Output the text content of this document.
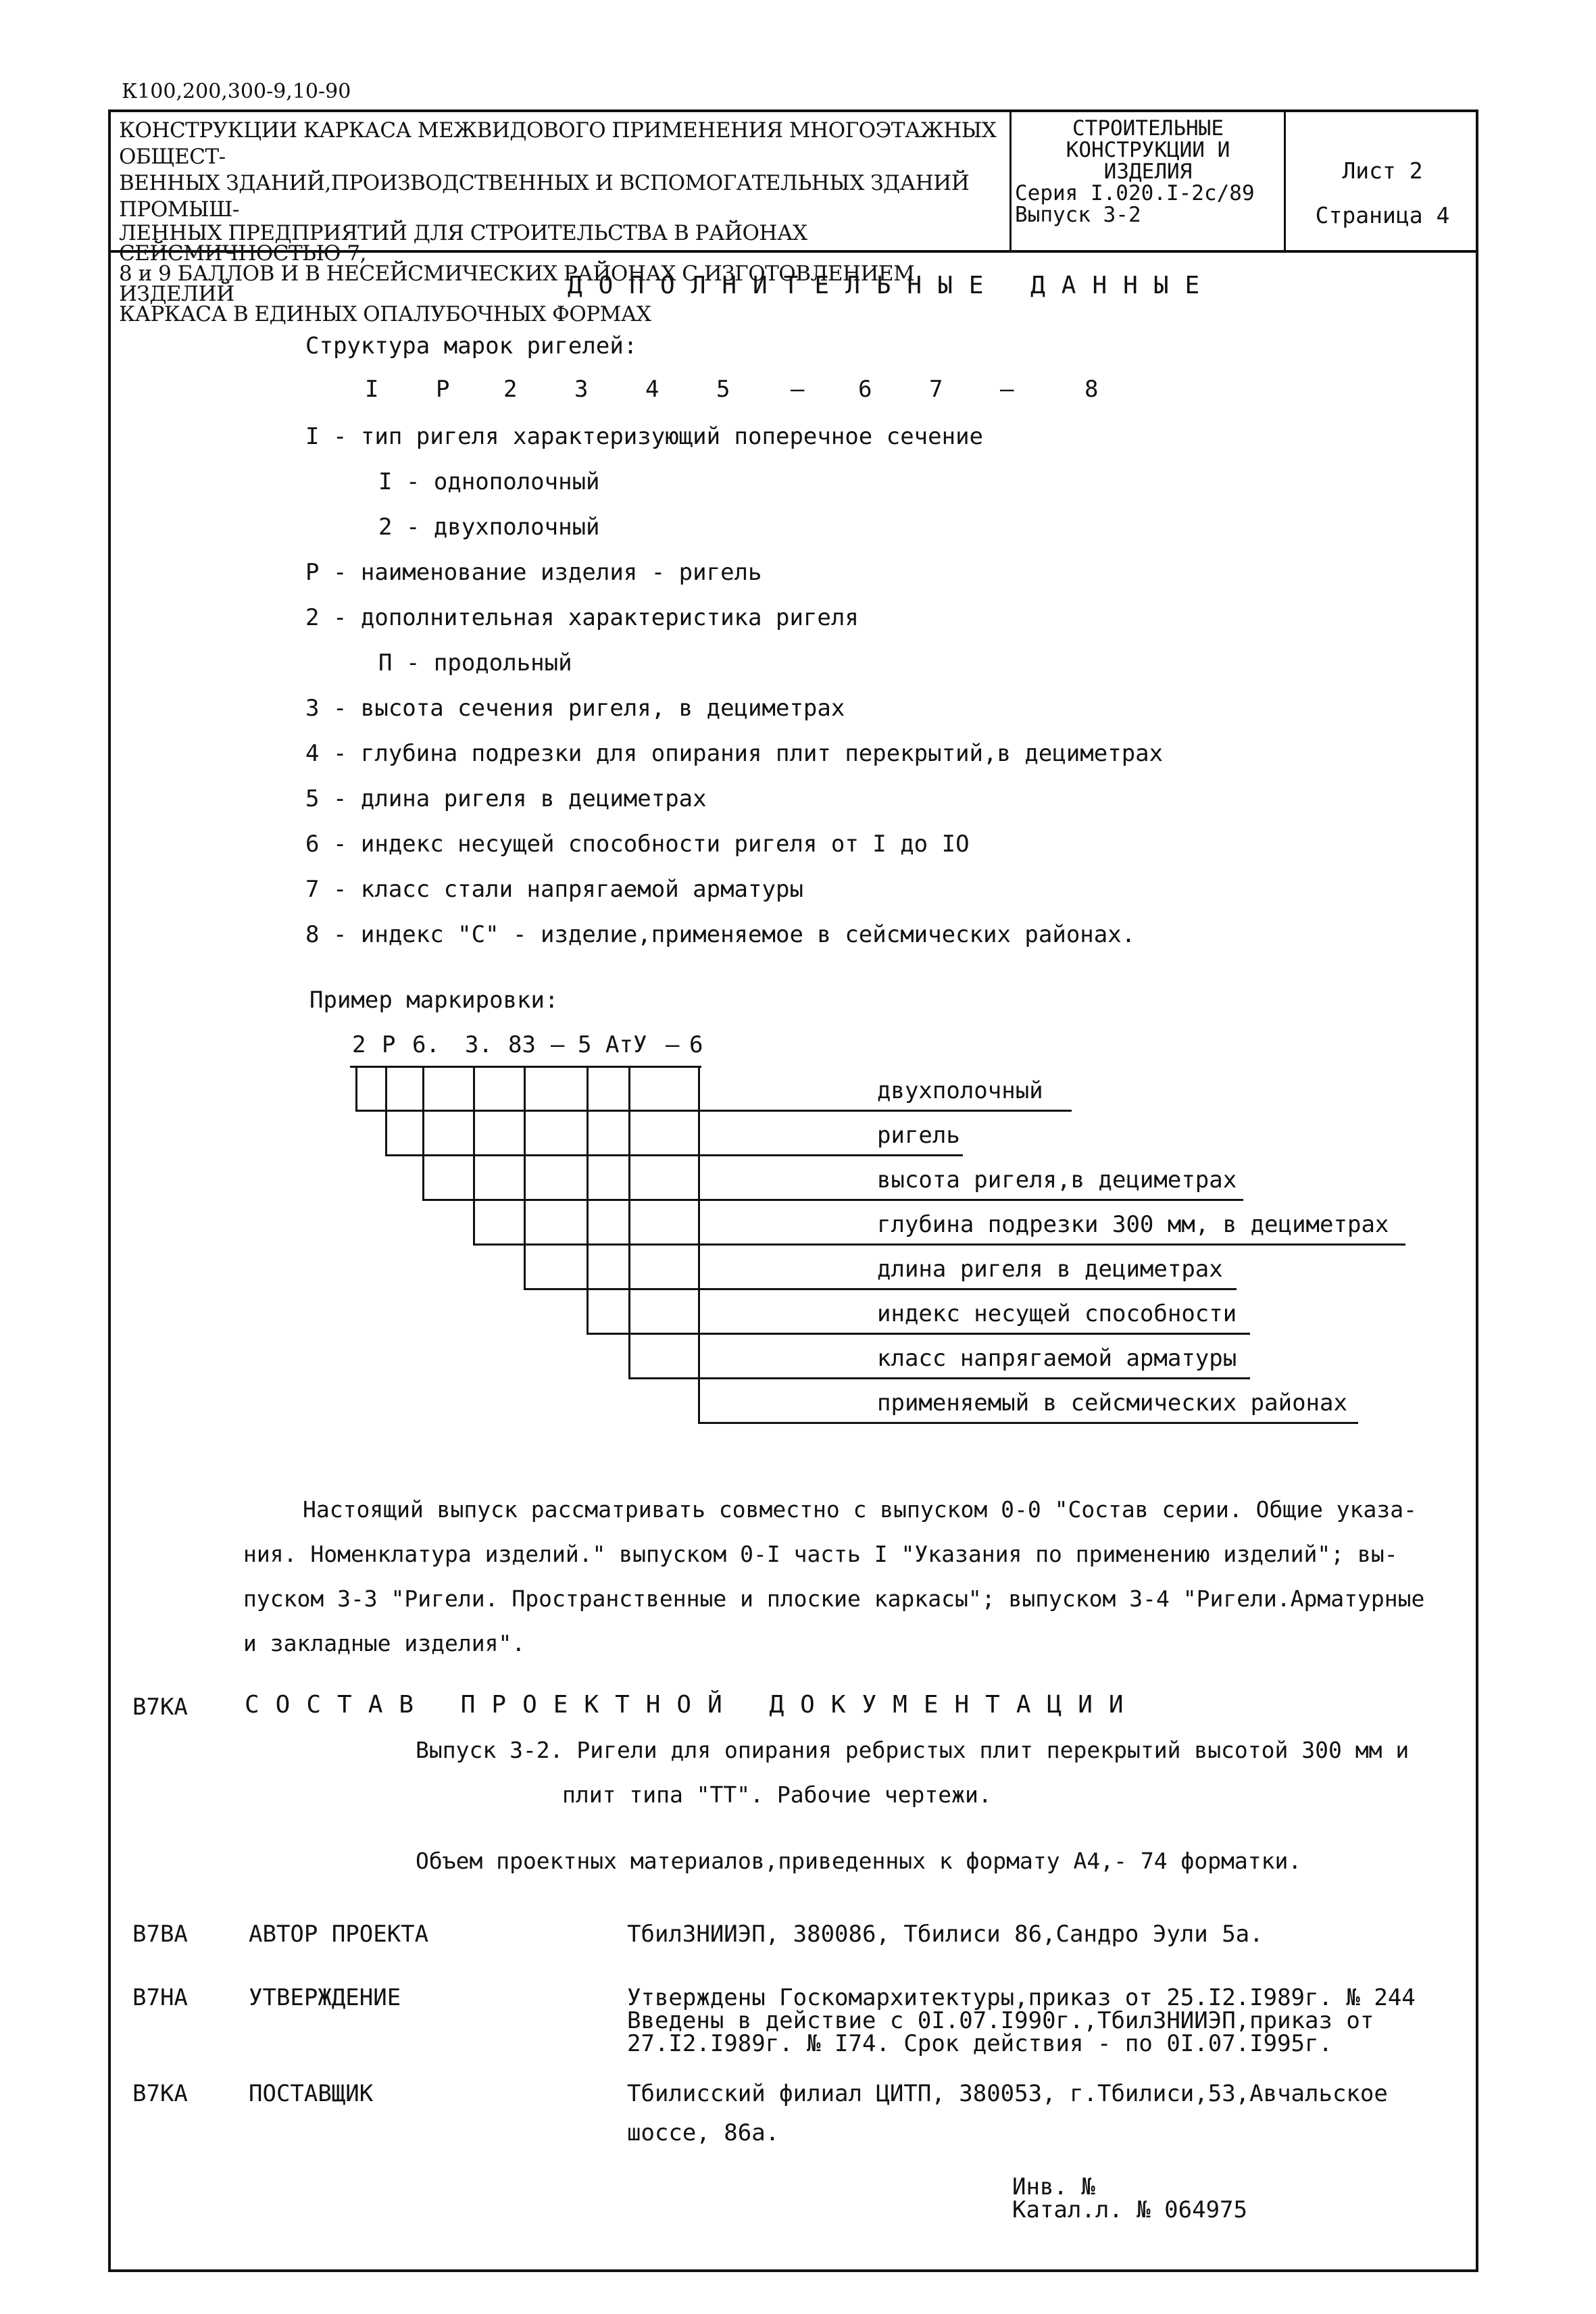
К100,200,300-9,10-90
КОНСТРУКЦИИ КАРКАСА МЕЖВИДОВОГО ПРИМЕНЕНИЯ МНОГОЭТАЖНЫХ ОБЩЕСТ-
ВЕННЫХ ЗДАНИЙ,ПРОИЗВОДСТВЕННЫХ И ВСПОМОГАТЕЛЬНЫХ ЗДАНИЙ ПРОМЫШ-
ЛЕННЫХ ПРЕДПРИЯТИЙ ДЛЯ СТРОИТЕЛЬСТВА В РАЙОНАХ СЕЙСМИЧНОСТЬЮ 7,
8 и 9 БАЛЛОВ И В НЕСЕЙСМИЧЕСКИХ РАЙОНАХ С ИЗГОТОВЛЕНИЕМ ИЗДЕЛИЙ
КАРКАСА В ЕДИНЫХ ОПАЛУБОЧНЫХ ФОРМАХ
СТРОИТЕЛЬНЫЕ
КОНСТРУКЦИИ И
ИЗДЕЛИЯ
Серия I.020.I-2с/89
Выпуск 3-2
Лист 2
Страница 4
ДОПОЛНИТЕЛЬНЫЕ ДАННЫЕ
Структура марок ригелей:
I Р 2 3 4 5	– 6 7 –	8
I - тип ригеля характеризующий поперечное сечение
I - однополочный
2 - двухполочный
Р - наименование изделия - ригель
2 - дополнительная характеристика ригеля
П - продольный
3 - высота сечения ригеля, в дециметрах
4 - глубина подрезки для опирания плит перекрытий,в дециметрах
5 - длина ригеля в дециметрах
6 - индекс несущей способности ригеля от I до IO
7 - класс стали напрягаемой арматуры
8 - индекс "С" - изделие,применяемое в сейсмических районах.
Пример маркировки:
2 Р 6. 3. 83 – 5 АтУ – 6
двухполочный
ригель
высота ригеля,в дециметрах
глубина подрезки 300 мм, в дециметрах
длина ригеля в дециметрах
индекс несущей способности
класс напрягаемой арматуры
применяемый в сейсмических районах
Настоящий выпуск рассматривать совместно с выпуском 0-0 "Состав серии. Общие указа-
ния. Номенклатура изделий." выпуском 0-I часть I "Указания по применению изделий"; вы-
пуском 3-3 "Ригели. Пространственные и плоские каркасы"; выпуском 3-4 "Ригели.Арматурные
и закладные изделия".
В7КА СОСТАВ ПРОЕКТНОЙ ДОКУМЕНТАЦИИ
Выпуск 3-2. Ригели для опирания ребристых плит перекрытий высотой 300 мм и
плит типа "ТТ". Рабочие чертежи.
Объем проектных материалов,приведенных к формату А4,- 74 форматки.
В7ВА	АВТОР ПРОЕКТА	ТбилЗНИИЭП, 380086, Тбилиси 86,Сандро Эули 5а.
В7НА	УТВЕРЖДЕНИЕ	Утверждены Госкомархитектуры,приказ от 25.I2.I989г. № 244
Введены в действие с 0I.07.I990г.,ТбилЗНИИЭП,приказ от
27.I2.I989г. № I74. Срок действия - по 0I.07.I995г.
В7КА	ПОСТАВЩИК	Тбилисский филиал ЦИТП, 380053, г.Тбилиси,53,Авчальское
шоссе, 86а.
Инв. №
Катал.л. № 064975
